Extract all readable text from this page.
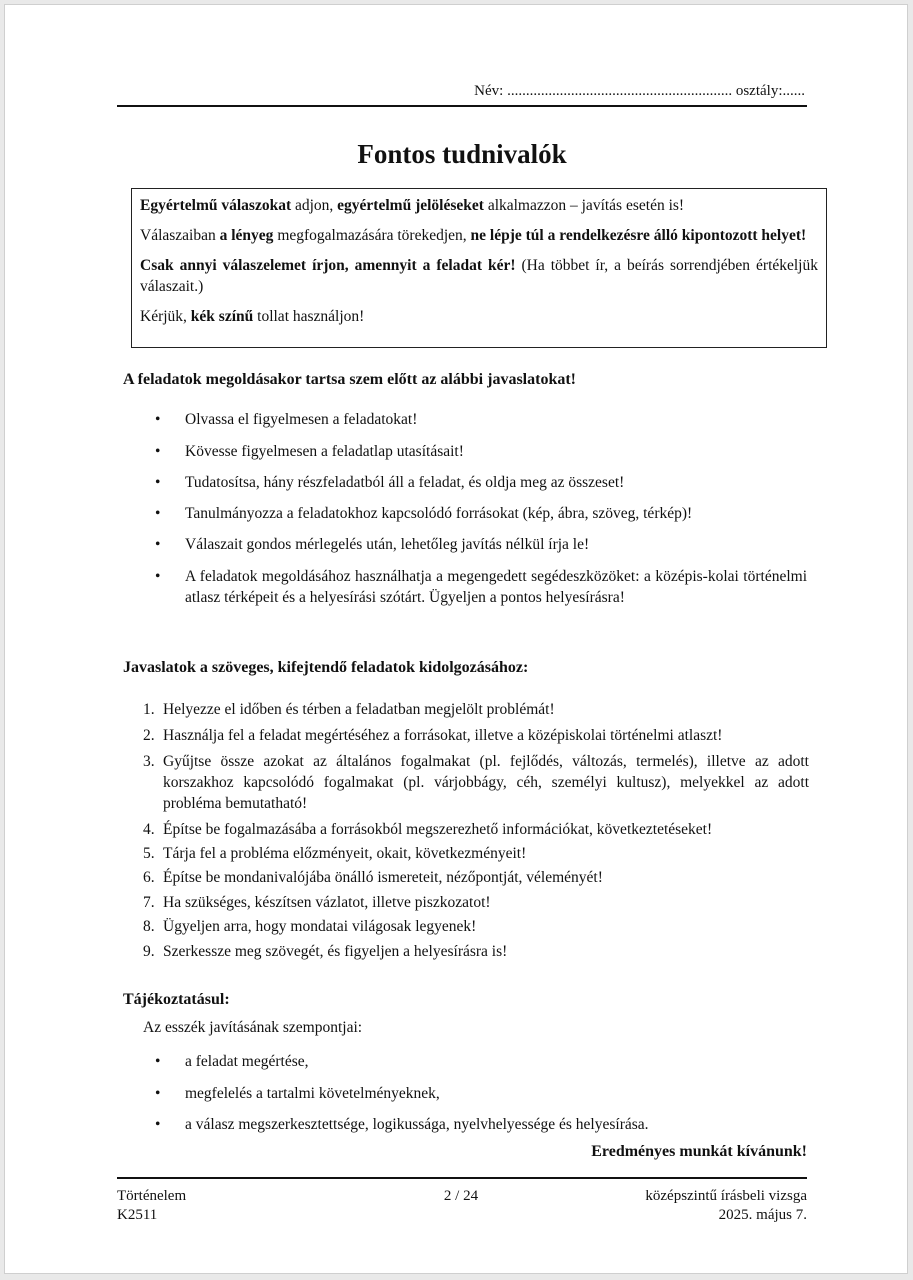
Név: ............................................................ osztály:......
Fontos tudnivalók

Egyértelmű válaszokat adjon, egyértelmű jelöléseket alkalmazzon – javítás esetén is!

Válaszaiban a lényeg megfogalmazására törekedjen, ne lépje túl a rendelkezésre álló kipontozott helyet!

Csak annyi válaszelemet írjon, amennyit a feladat kér! (Ha többet ír, a beírás sorrendjében értékeljük válaszait.)

Kérjük, kék színű tollat használjon!

A feladatok megoldásakor tartsa szem előtt az alábbi javaslatokat!
• Olvassa el figyelmesen a feladatokat!
• Kövesse figyelmesen a feladatlap utasításait!
• Tudatosítsa, hány részfeladatból áll a feladat, és oldja meg az összeset!
• Tanulmányozza a feladatokhoz kapcsolódó forrásokat (kép, ábra, szöveg, térkép)!
• Válaszait gondos mérlegelés után, lehetőleg javítás nélkül írja le!
• A feladatok megoldásához használhatja a megengedett segédeszközöket: a középis-kolai történelmi atlasz térképeit és a helyesírási szótárt. Ügyeljen a pontos helyesírásra!
Javaslatok a szöveges, kifejtendő feladatok kidolgozásához:
1. Helyezze el időben és térben a feladatban megjelölt problémát!
2. Használja fel a feladat megértéséhez a forrásokat, illetve a középiskolai történelmi atlaszt!
3. Gyűjtse össze azokat az általános fogalmakat (pl. fejlődés, változás, termelés), illetve az adott korszakhoz kapcsolódó fogalmakat (pl. várjobbágy, céh, személyi kultusz), melyekkel az adott probléma bemutatható!
4. Építse be fogalmazásába a forrásokból megszerezhető információkat, következtetéseket!
5. Tárja fel a probléma előzményeit, okait, következményeit!
6. Építse be mondanivalójába önálló ismereteit, nézőpontját, véleményét!
7. Ha szükséges, készítsen vázlatot, illetve piszkozatot!
8. Ügyeljen arra, hogy mondatai világosak legyenek!
9. Szerkessze meg szövegét, és figyeljen a helyesírásra is!
Tájékoztatásul:
Az esszék javításának szempontjai:
• a feladat megértése,
• megfelelés a tartalmi követelményeknek,
• a válasz megszerkesztettsége, logikussága, nyelvhelyessége és helyesírása.
Eredményes munkát kívánunk!
Történelem
K2511
2 / 24	középszintű írásbeli vizsga
2025. május 7.
